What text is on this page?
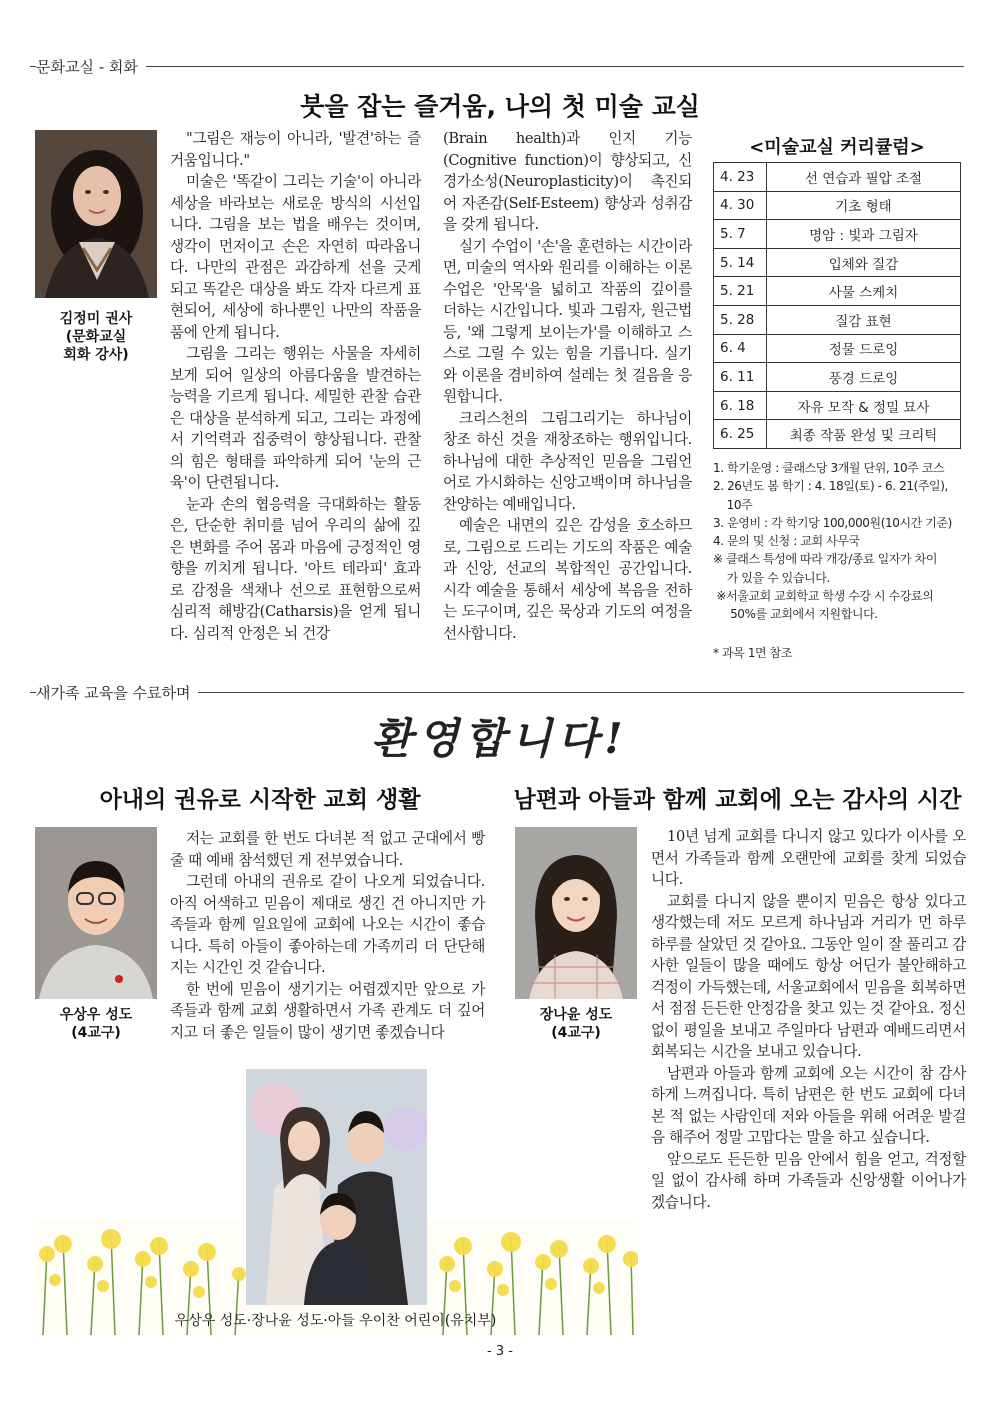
문화교실 - 회화
붓을 잡는 즐거움, 나의 첫 미술 교실
김정미 권사
(문화교실
회화 강사)

"그림은 재능이 아니라, '발견'하는 즐거움입니다."

미술은 '똑같이 그리는 기술'이 아니라 세상을 바라보는 새로운 방식의 시선입니다. 그림을 보는 법을 배우는 것이며, 생각이 먼저이고 손은 자연히 따라옵니다. 나만의 관점은 과감하게 선을 긋게 되고 똑같은 대상을 봐도 각자 다르게 표현되어, 세상에 하나뿐인 나만의 작품을 품에 안게 됩니다.

그림을 그리는 행위는 사물을 자세히 보게 되어 일상의 아름다움을 발견하는 능력을 기르게 됩니다. 세밀한 관찰 습관은 대상을 분석하게 되고, 그리는 과정에서 기억력과 집중력이 향상됩니다. 관찰의 힘은 형태를 파악하게 되어 '눈의 근육'이 단련됩니다.

눈과 손의 협응력을 극대화하는 활동은, 단순한 취미를 넘어 우리의 삶에 깊은 변화를 주어 몸과 마음에 긍정적인 영향을 끼치게 됩니다. '아트 테라피' 효과로 감정을 색채나 선으로 표현함으로써 심리적 해방감(Catharsis)을 얻게 됩니다. 심리적 안정은 뇌 건강

(Brain health)과 인지 기능(Cognitive function)이 향상되고, 신경가소성(Neuroplasticity)이 촉진되어 자존감(Self-Esteem) 향상과 성취감을 갖게 됩니다.

실기 수업이 '손'을 훈련하는 시간이라면, 미술의 역사와 원리를 이해하는 이론 수업은 '안목'을 넓히고 작품의 깊이를 더하는 시간입니다. 빛과 그림자, 원근법 등, '왜 그렇게 보이는가'를 이해하고 스스로 그릴 수 있는 힘을 기릅니다. 실기와 이론을 겸비하여 설레는 첫 걸음을 응원합니다.

크리스천의 그림그리기는 하나님이 창조 하신 것을 재창조하는 행위입니다. 하나님에 대한 추상적인 믿음을 그림언어로 가시화하는 신앙고백이며 하나님을 찬양하는 예배입니다.

예술은 내면의 깊은 감성을 호소하므로, 그림으로 드리는 기도의 작품은 예술과 신앙, 선교의 복합적인 공간입니다. 시각 예술을 통해서 세상에 복음을 전하는 도구이며, 깊은 묵상과 기도의 여정을 선사합니다.

<미술교실 커리큘럼>
4. 23	선 연습과 필압 조절
4. 30	기초 형태
5. 7	명암 : 빛과 그림자
5. 14	입체와 질감
5. 21	사물 스케치
5. 28	질감 표현
6. 4	정물 드로잉
6. 11	풍경 드로잉
6. 18	자유 모작 & 정밀 묘사
6. 25	최종 작품 완성 및 크리틱
1. 학기운영 : 클래스당 3개월 단위, 10주 코스
2. 26년도 봄 학기 : 4. 18일(토) - 6. 21(주일),
10주
3. 운영비 : 각 학기당 100,000원(10시간 기준)
4. 문의 및 신청 : 교회 사무국
※ 클래스 특성에 따라 개강/종료 일자가 차이
가 있을 수 있습니다.
※서울교회 교회학교 학생 수강 시 수강료의
50%를 교회에서 지원합니다.
* 과목 1면 참조
새가족 교육을 수료하며
환영합니다!
아내의 권유로 시작한 교회 생활	남편과 아들과 함께 교회에 오는 감사의 시간
우상우 성도
(4교구)

저는 교회를 한 번도 다녀본 적 없고 군대에서 빵 줄 때 예배 참석했던 게 전부였습니다.

그런데 아내의 권유로 같이 나오게 되었습니다. 아직 어색하고 믿음이 제대로 생긴 건 아니지만 가족들과 함께 일요일에 교회에 나오는 시간이 좋습니다. 특히 아들이 좋아하는데 가족끼리 더 단단해지는 시간인 것 같습니다.

한 번에 믿음이 생기기는 어렵겠지만 앞으로 가족들과 함께 교회 생활하면서 가족 관계도 더 깊어지고 더 좋은 일들이 많이 생기면 좋겠습니다

장나윤 성도
(4교구)

10년 넘게 교회를 다니지 않고 있다가 이사를 오면서 가족들과 함께 오랜만에 교회를 찾게 되었습니다.

교회를 다니지 않을 뿐이지 믿음은 항상 있다고 생각했는데 저도 모르게 하나님과 거리가 먼 하루하루를 살았던 것 같아요. 그동안 일이 잘 풀리고 감사한 일들이 많을 때에도 항상 어딘가 불안해하고 걱정이 가득했는데, 서울교회에서 믿음을 회복하면서 점점 든든한 안정감을 찾고 있는 것 같아요. 정신없이 평일을 보내고 주일마다 남편과 예배드리면서 회복되는 시간을 보내고 있습니다.

남편과 아들과 함께 교회에 오는 시간이 참 감사하게 느껴집니다. 특히 남편은 한 번도 교회에 다녀본 적 없는 사람인데 저와 아들을 위해 어려운 발걸음 해주어 정말 고맙다는 말을 하고 싶습니다.

앞으로도 든든한 믿음 안에서 힘을 얻고, 걱정할 일 없이 감사해 하며 가족들과 신앙생활 이어나가겠습니다.

우상우 성도·장나윤 성도·아들 우이찬 어린이(유치부)
- 3 -
